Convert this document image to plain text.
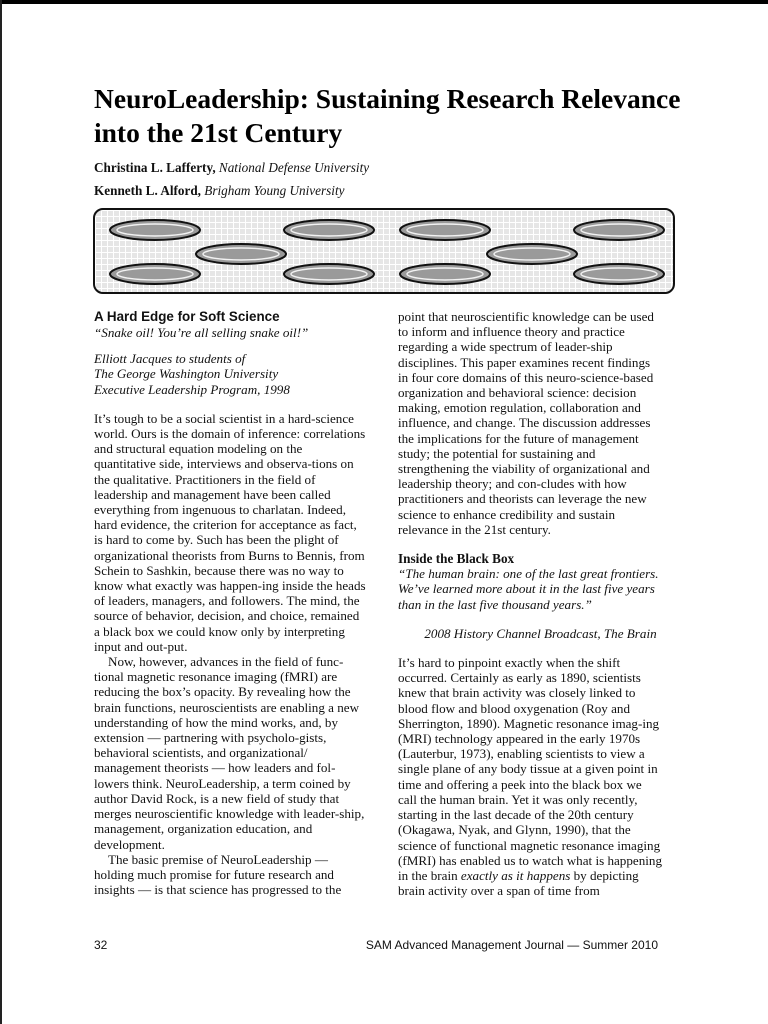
NeuroLeadership: Sustaining Research Relevance into the 21st Century
Christina L. Lafferty, National Defense University
Kenneth L. Alford, Brigham Young University
A Hard Edge for Soft Science

“Snake oil! You’re all selling snake oil!”

Elliott Jacques to students of

The George Washington University

Executive Leadership Program, 1998

It’s tough to be a social scientist in a hard-science world. Ours is the domain of inference: correlations and structural equation modeling on the quantitative side, interviews and observa-tions on the qualitative. Practitioners in the field of leadership and management have been called everything from ingenuous to charlatan. Indeed, hard evidence, the criterion for acceptance as fact, is hard to come by. Such has been the plight of organizational theorists from Burns to Bennis, from Schein to Sashkin, because there was no way to know what exactly was happen-ing inside the heads of leaders, managers, and followers. The mind, the source of behavior, decision, and choice, remained a black box we could know only by interpreting input and out-put.

Now, however, advances in the field of func-tional magnetic resonance imaging (fMRI) are reducing the box’s opacity. By revealing how the brain functions, neuroscientists are enabling a new understanding of how the mind works, and, by extension — partnering with psycholo-gists, behavioral scientists, and organizational/ management theorists — how leaders and fol-lowers think. NeuroLeadership, a term coined by author David Rock, is a new field of study that merges neuroscientific knowledge with leader-ship, management, organization education, and development.

The basic premise of NeuroLeadership — holding much promise for future research and insights — is that science has progressed to the

point that neuroscientific knowledge can be used to inform and influence theory and practice regarding a wide spectrum of leader-ship disciplines. This paper examines recent findings in four core domains of this neuro-science-based organization and behavioral science: decision making, emotion regulation, collaboration and influence, and change. The discussion addresses the implications for the future of management study; the potential for sustaining and strengthening the viability of organizational and leadership theory; and con-cludes with how practitioners and theorists can leverage the new science to enhance credibility and sustain relevance in the 21st century.

Inside the Black Box

“The human brain: one of the last great frontiers. We’ve learned more about it in the last five years than in the last five thousand years.”

2008 History Channel Broadcast, The Brain

It’s hard to pinpoint exactly when the shift occurred. Certainly as early as 1890, scientists knew that brain activity was closely linked to blood flow and blood oxygenation (Roy and Sherrington, 1890). Magnetic resonance imag-ing (MRI) technology appeared in the early 1970s (Lauterbur, 1973), enabling scientists to view a single plane of any body tissue at a given point in time and offering a peek into the black box we call the human brain. Yet it was only recently, starting in the last decade of the 20th century (Okagawa, Nyak, and Glynn, 1990), that the science of functional magnetic resonance imaging (fMRI) has enabled us to watch what is happening in the brain exactly as it happens by depicting brain activity over a span of time from

32	SAM Advanced Management Journal — Summer 2010
